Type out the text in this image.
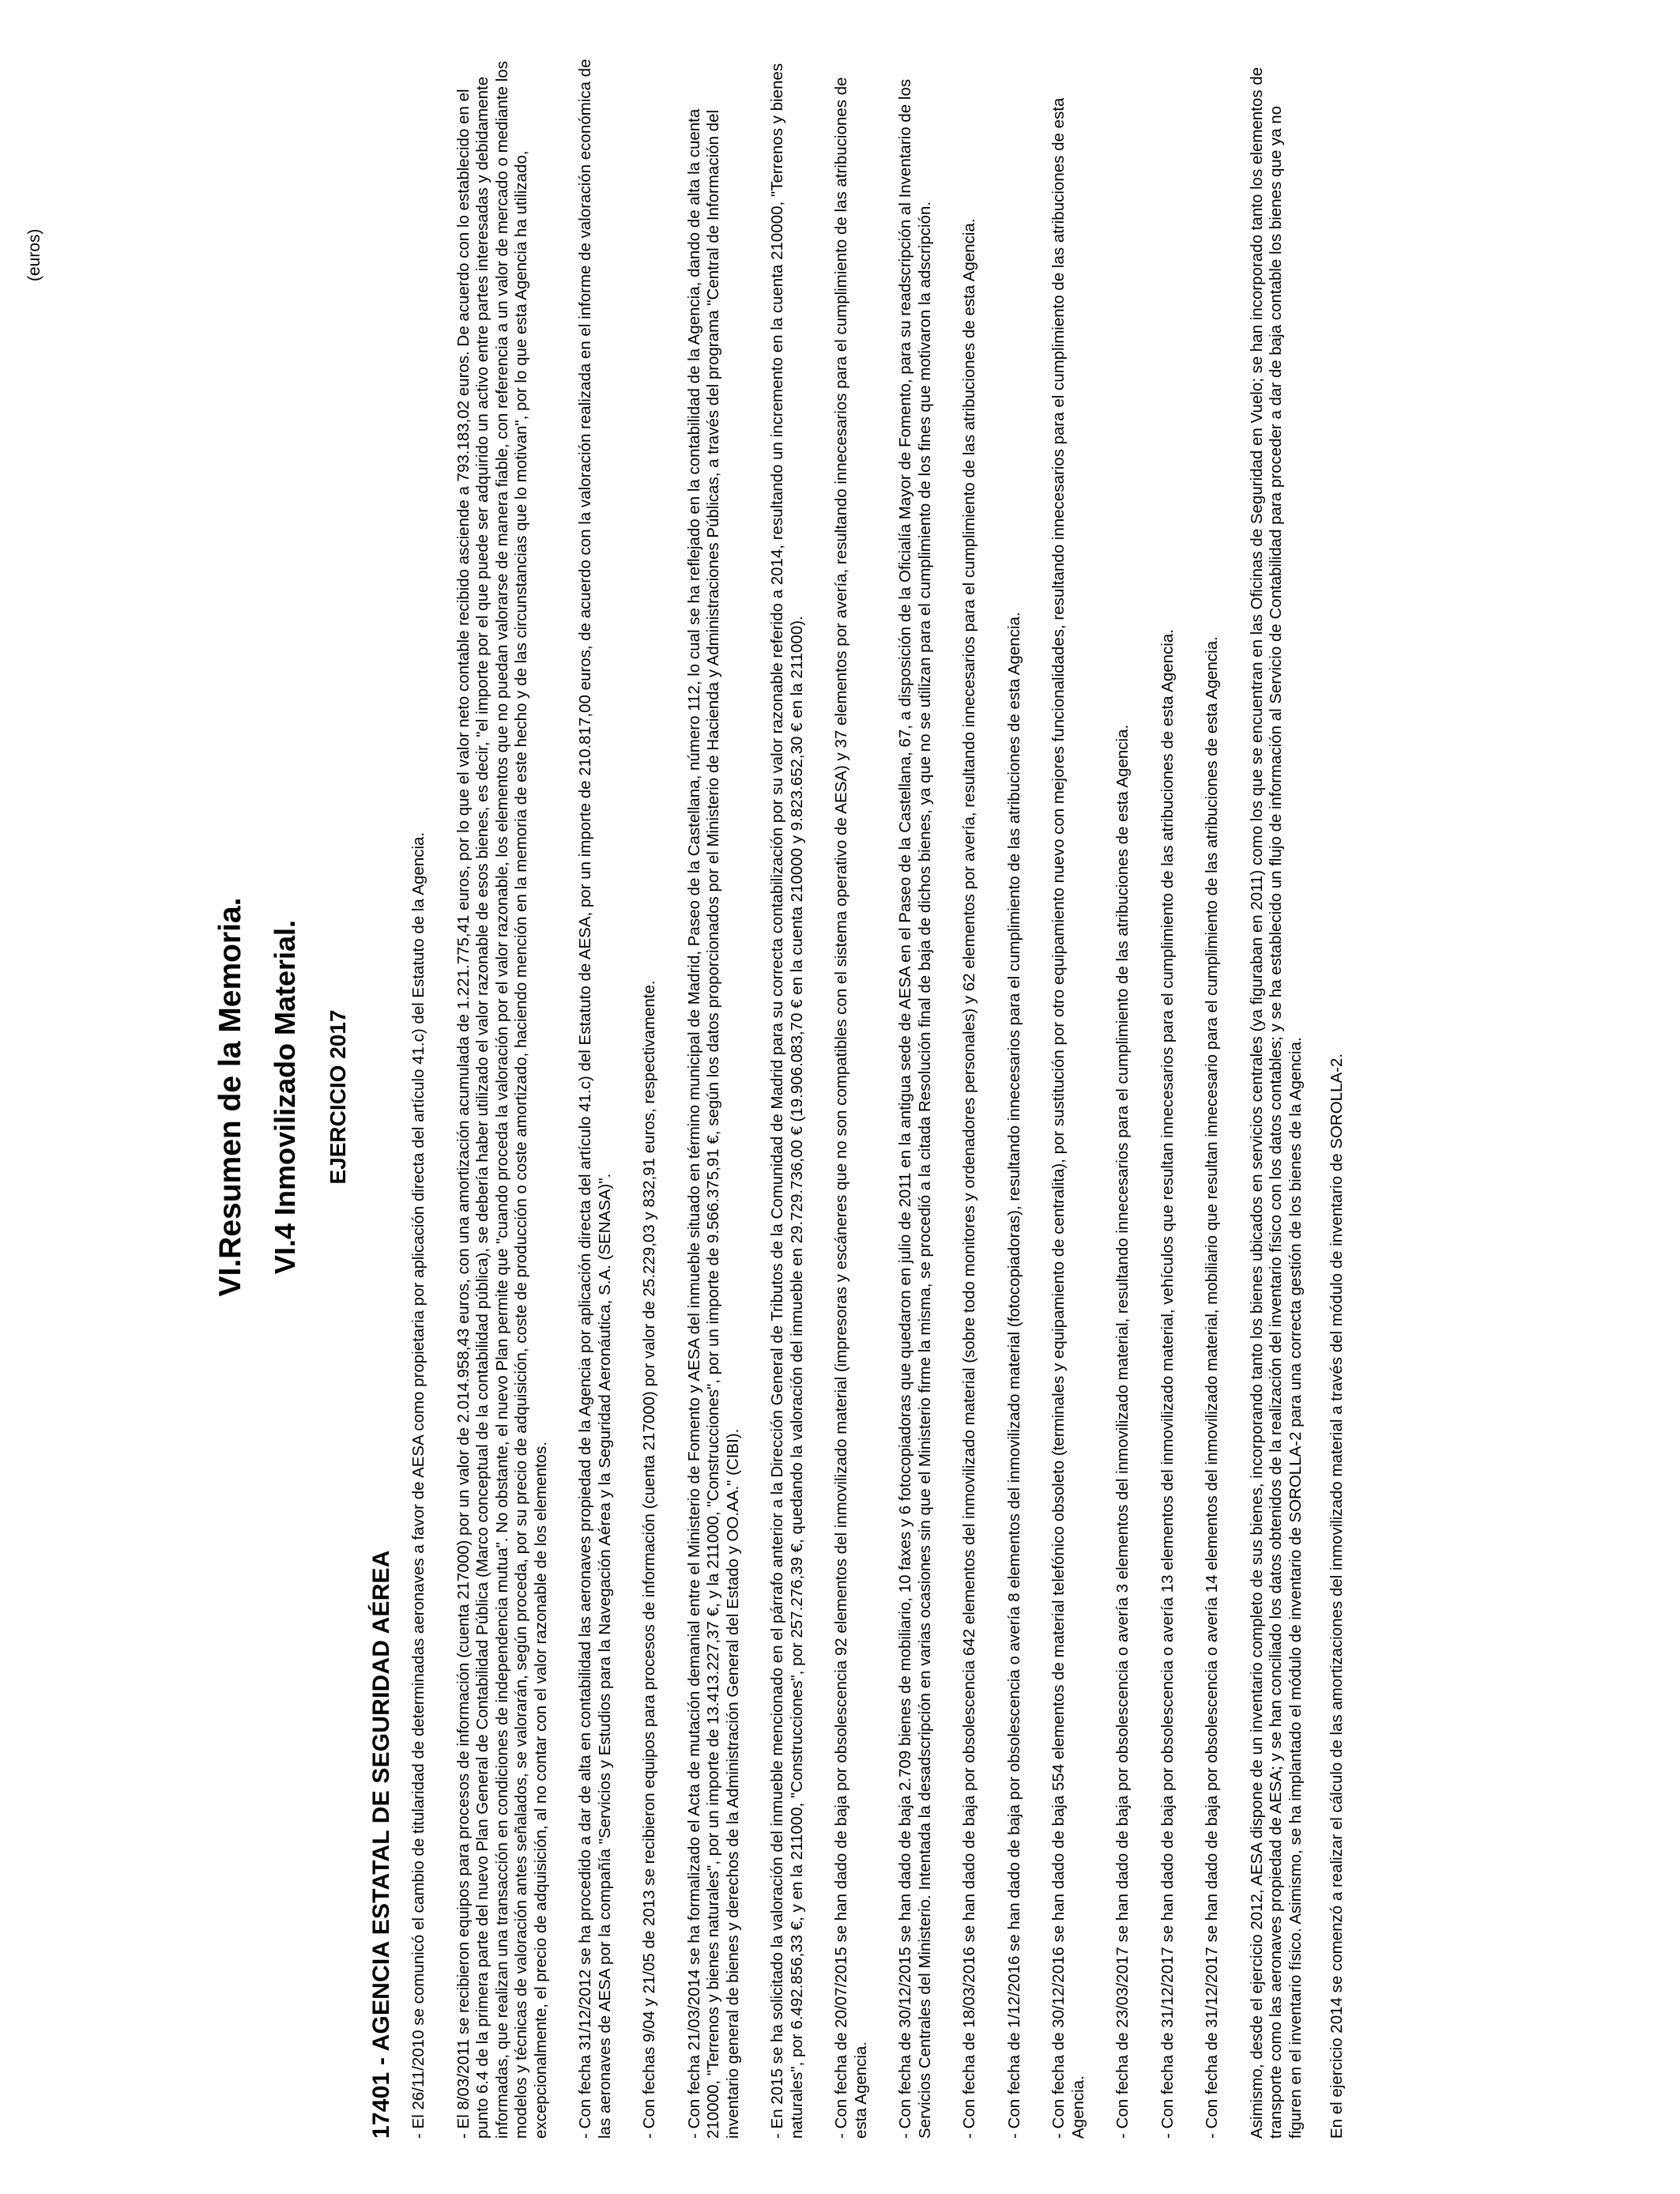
VI.Resumen de la Memoria. VI.4 Inmovilizado Material. EJERCICIO 2017
(euros)
17401 - AGENCIA ESTATAL DE SEGURIDAD AÉREA - El 26/11/2010 se comunicó el cambio de titularidad de determinadas aeronaves a favor de AESA como propietaria por aplicación directa del artículo 41.c) del Estatuto de la Agencia. - El 8/03/2011 se recibieron equipos para procesos de información (cuenta 217000) por un valor de 2.014.958,43 euros, con una amortización acumulada de 1.221.775,41 euros, por lo que el valor neto contable recibido asciende a 793.183,02 euros. De acuerdo con lo establecido en el punto 6.4 de la primera parte del nuevo Plan General de Contabilidad Pública (Marco conceptual de la contabilidad pública), se debería haber utilizado el valor razonable de esos bienes, es decir, "el importe por el que puede ser adquirido un activo entre partes interesadas y debidamente informadas, que realizan una transacción en condiciones de independencia mutua". No obstante, el nuevo Plan permite que "cuando proceda la valoración por el valor razonable, los elementos que no puedan valorarse de manera fiable, con referencia a un valor de mercado o mediante los modelos y técnicas de valoración antes señalados, se valorarán, según proceda, por su precio de adquisición, coste de producción o coste amortizado, haciendo mención en la memoria de este hecho y de las circunstancias que lo motivan", por lo que esta Agencia ha utilizado, excepcionalmente, el precio de adquisición, al no contar con el valor razonable de los elementos. - Con fecha 31/12/2012 se ha procedido a dar de alta en contabilidad las aeronaves propiedad de la Agencia por aplicación directa del artículo 41.c) del Estatuto de AESA, por un importe de 210.817,00 euros, de acuerdo con la valoración realizada en el informe de valoración económica de las aeronaves de AESA por la compañía "Servicios y Estudios para la Navegación Aérea y la Seguridad Aeronáutica, S.A. (SENASA)". - Con fechas 9/04 y 21/05 de 2013 se recibieron equipos para procesos de información (cuenta 217000) por valor de 25.229,03 y 832,91 euros, respectivamente. - Con fecha 21/03/2014 se ha formalizado el Acta de mutación demanial entre el Ministerio de Fomento y AESA del inmueble situado en término municipal de Madrid, Paseo de la Castellana, número 112, lo cual se ha reflejado en la contabilidad de la Agencia, dando de alta la cuenta 210000, "Terrenos y bienes naturales", por un importe de 13.413.227,37 €, y la 211000, "Construcciones", por un importe de 9.566.375,91 €, según los datos proporcionados por el Ministerio de Hacienda y Administraciones Públicas, a través del programa "Central de Información del inventario general de bienes y derechos de la Administración General del Estado y OO.AA." (CIBI). - En 2015 se ha solicitado la valoración del inmueble mencionado en el párrafo anterior a la Dirección General de Tributos de la Comunidad de Madrid para su correcta contabilización por su valor razonable referido a 2014, resultando un incremento en la cuenta 210000, "Terrenos y bienes naturales", por 6.492.856,33 €, y en la 211000, "Construcciones", por 257.276,39 €, quedando la valoración del inmueble en 29.729.736,00 € (19.906.083,70 € en la cuenta 210000 y 9.823.652,30 € en la 211000). - Con fecha de 20/07/2015 se han dado de baja por obsolescencia 92 elementos del inmovilizado material (impresoras y escáneres que no son compatibles con el sistema operativo de AESA) y 37 elementos por avería, resultando innecesarios para el cumplimiento de las atribuciones de esta Agencia. - Con fecha de 30/12/2015 se han dado de baja 2.709 bienes de mobiliario, 10 faxes y 6 fotocopiadoras que quedaron en julio de 2011 en la antigua sede de AESA en el Paseo de la Castellana, 67, a disposición de la Oficialía Mayor de Fomento, para su readscripción al Inventario de los Servicios Centrales del Ministerio. Intentada la desadscripción en varias ocasiones sin que el Ministerio firme la misma, se procedió a la citada Resolución final de baja de dichos bienes, ya que no se utilizan para el cumplimiento de los fines que motivaron la adscripción. - Con fecha de 18/03/2016 se han dado de baja por obsolescencia 642 elementos del inmovilizado material (sobre todo monitores y ordenadores personales) y 62 elementos por avería, resultando innecesarios para el cumplimiento de las atribuciones de esta Agencia. - Con fecha de 1/12/2016 se han dado de baja por obsolescencia o avería 8 elementos del inmovilizado material (fotocopiadoras), resultando innecesarios para el cumplimiento de las atribuciones de esta Agencia. - Con fecha de 30/12/2016 se han dado de baja 554 elementos de material telefónico obsoleto (terminales y equipamiento de centralita), por sustitución por otro equipamiento nuevo con mejores funcionalidades, resultando innecesarios para el cumplimiento de las atribuciones de esta Agencia. - Con fecha de 23/03/2017 se han dado de baja por obsolescencia o avería 3 elementos del inmovilizado material, resultando innecesarios para el cumplimiento de las atribuciones de esta Agencia. - Con fecha de 31/12/2017 se han dado de baja por obsolescencia o avería 13 elementos del inmovilizado material, vehículos que resultan innecesarios para el cumplimiento de las atribuciones de esta Agencia. - Con fecha de 31/12/2017 se han dado de baja por obsolescencia o avería 14 elementos del inmovilizado material, mobiliario que resultan innecesario para el cumplimiento de las atribuciones de esta Agencia. Asimismo, desde el ejercicio 2012, AESA dispone de un inventario completo de sus bienes, incorporando tanto los bienes ubicados en servicios centrales (ya figuraban en 2011) como los que se encuentran en las Oficinas de Seguridad en Vuelo; se han incorporado tanto los elementos de transporte como las aeronaves propiedad de AESA; y se han conciliado los datos obtenidos de la realización del inventario físico con los datos contables; y se ha establecido un flujo de información al Servicio de Contabilidad para proceder a dar de baja contable los bienes que ya no figuren en el inventario físico. Asimismo, se ha implantado el módulo de inventario de SOROLLA-2 para una correcta gestión de los bienes de la Agencia. En el ejercicio 2014 se comenzó a realizar el cálculo de las amortizaciones del inmovilizado material a través del módulo de inventario de SOROLLA-2.
